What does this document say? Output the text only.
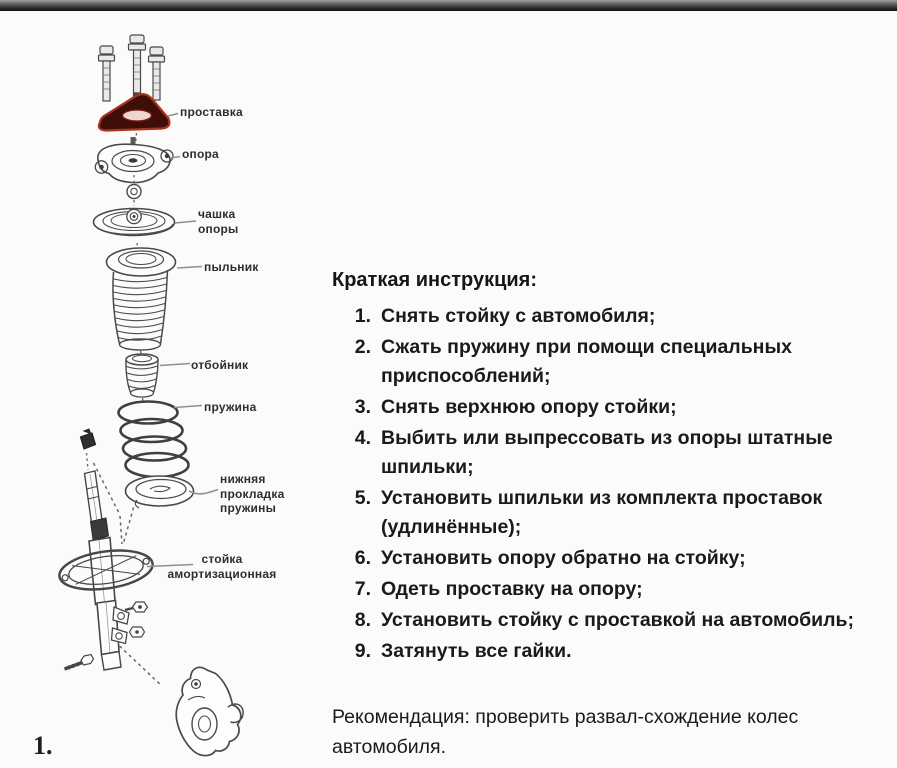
проставка
опора
чашка опоры
пыльник
отбойник
пружина
нижняя прокладка пружины
стойка амортизационная
1.
Краткая инструкция:
1. Снять стойку с автомобиля;
2. Сжать пружину при помощи специальных приспособлений;
3. Снять верхнюю опору стойки;
4. Выбить или выпрессовать из опоры штатные шпильки;
5. Установить шпильки из комплекта проставок (удлинённые);
6. Установить опору обратно на стойку;
7. Одеть проставку на опору;
8. Установить стойку с проставкой на автомобиль;
9. Затянуть все гайки.
Рекомендация: проверить развал-схождение колес автомобиля.
